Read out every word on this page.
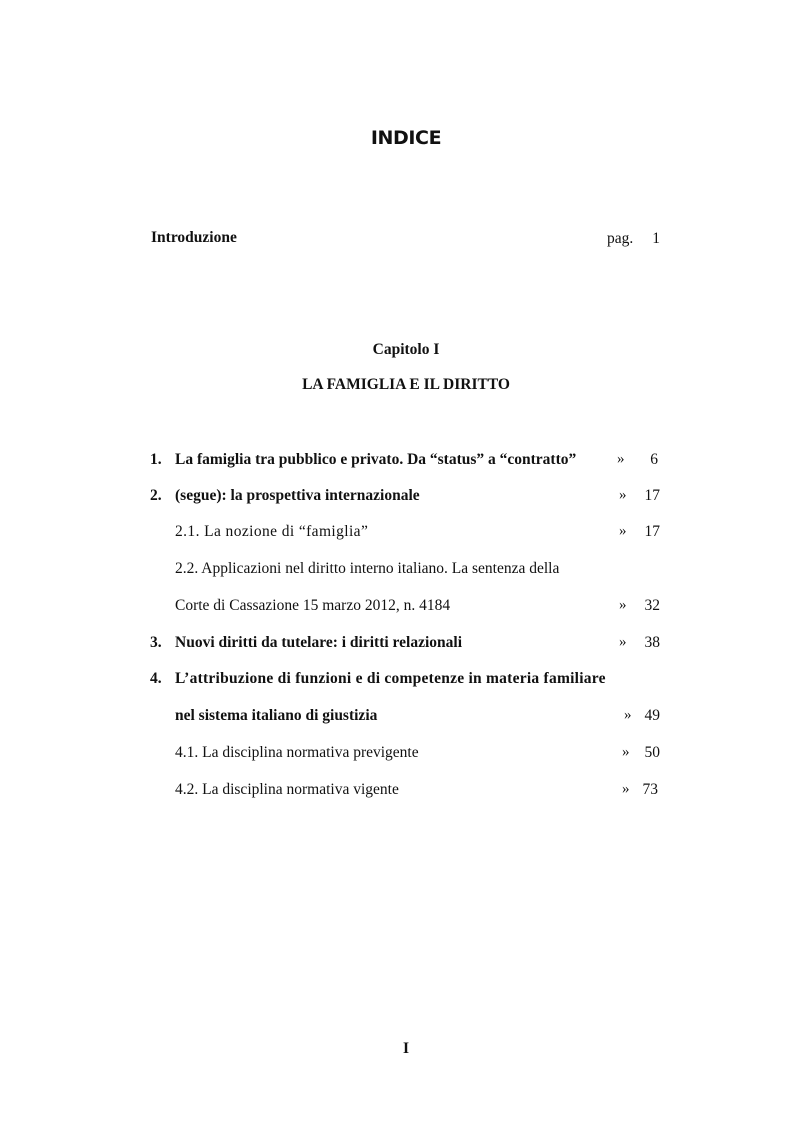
INDICE
Introduzione	pag.	1
Capitolo I
LA FAMIGLIA E IL DIRITTO
1. La famiglia tra pubblico e privato. Da “status” a “contratto”	»	6
2. (segue): la prospettiva internazionale	»	17
2.1. La nozione di “famiglia”	»	17
2.2. Applicazioni nel diritto interno italiano. La sentenza della
Corte di Cassazione 15 marzo 2012, n. 4184	»	32
3. Nuovi diritti da tutelare: i diritti relazionali	»	38
4. L’attribuzione di funzioni e di competenze in materia familiare
nel sistema italiano di giustizia	» 49
4.1. La disciplina normativa previgente	» 50
4.2. La disciplina normativa vigente	» 73
I
